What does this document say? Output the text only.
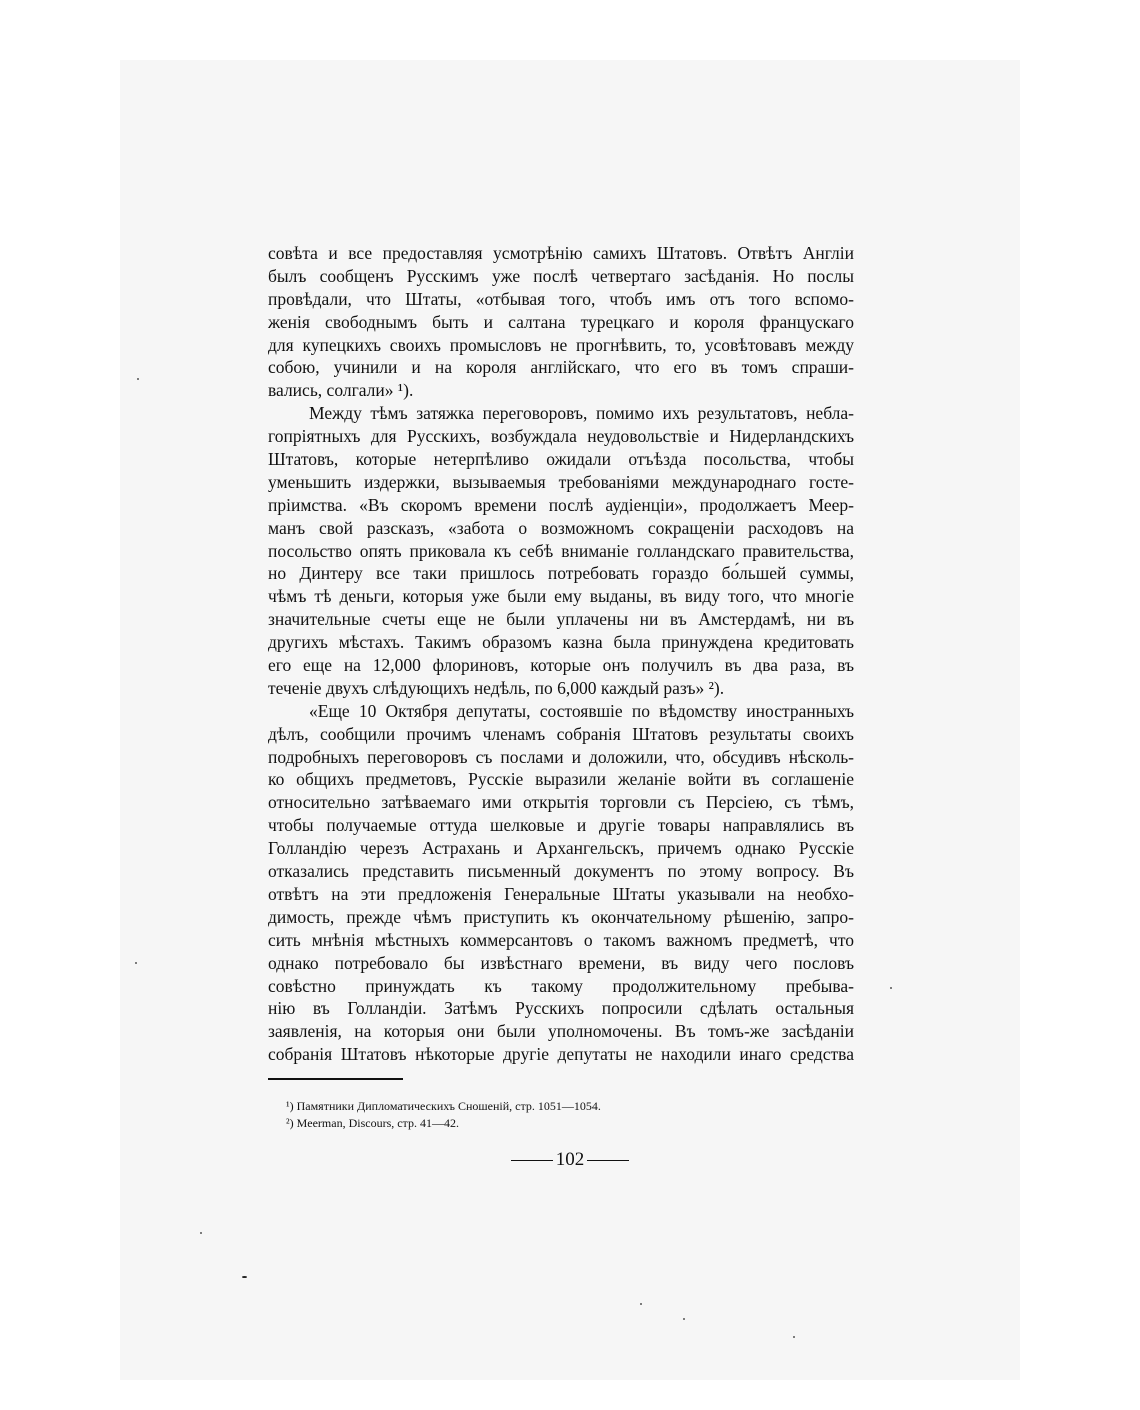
совѣта и все предоставляя усмотрѣнію самихъ Штатовъ. Отвѣтъ Англіи
былъ сообщенъ Русскимъ уже послѣ четвертаго засѣданія. Но послы
провѣдали, что Штаты, «отбывая того, чтобъ имъ отъ того вспомо-
женія свободнымъ быть и салтана турецкаго и короля францускаго
для купецкихъ своихъ промысловъ не прогнѣвить, то, усовѣтовавъ между
собою, учинили и на короля англійскаго, что его въ томъ спраши-
вались, солгали» ¹).
Между тѣмъ затяжка переговоровъ, помимо ихъ результатовъ, небла-
гопріятныхъ для Русскихъ, возбуждала неудовольствіе и Нидерландскихъ
Штатовъ, которые нетерпѣливо ожидали отъѣзда посольства, чтобы
уменьшить издержки, вызываемыя требованіями международнаго госте-
пріимства. «Въ скоромъ времени послѣ аудіенціи», продолжаетъ Меер-
манъ свой разсказъ, «забота о возможномъ сокращеніи расходовъ на
посольство опять приковала къ себѣ вниманіе голландскаго правительства,
но Динтеру все таки пришлось потребовать гораздо бо́льшей суммы,
чѣмъ тѣ деньги, которыя уже были ему выданы, въ виду того, что многіе
значительные счеты еще не были уплачены ни въ Амстердамѣ, ни въ
другихъ мѣстахъ. Такимъ образомъ казна была принуждена кредитовать
его еще на 12,000 флориновъ, которые онъ получилъ въ два раза, въ
теченіе двухъ слѣдующихъ недѣль, по 6,000 каждый разъ» ²).
«Еще 10 Октября депутаты, состоявшіе по вѣдомству иностранныхъ
дѣлъ, сообщили прочимъ членамъ собранія Штатовъ результаты своихъ
подробныхъ переговоровъ съ послами и доложили, что, обсудивъ нѣсколь-
ко общихъ предметовъ, Русскіе выразили желаніе войти въ соглашеніе
относительно затѣваемаго ими открытія торговли съ Персіею, съ тѣмъ,
чтобы получаемые оттуда шелковые и другіе товары направлялись въ
Голландію черезъ Астрахань и Архангельскъ, причемъ однако Русскіе
отказались представить письменный документъ по этому вопросу. Въ
отвѣтъ на эти предложенія Генеральные Штаты указывали на необхо-
димость, прежде чѣмъ приступить къ окончательному рѣшенію, запро-
сить мнѣнія мѣстныхъ коммерсантовъ о такомъ важномъ предметѣ, что
однако потребовало бы извѣстнаго времени, въ виду чего пословъ
совѣстно принуждать къ такому продолжительному пребыва-
нію въ Голландіи. Затѣмъ Русскихъ попросили сдѣлать остальныя
заявленія, на которыя они были уполномочены. Въ томъ-же засѣданіи
собранія Штатовъ нѣкоторые другіе депутаты не находили инаго средства
¹) Памятники Дипломатическихъ Сношеній, стр. 1051—1054.
²) Meerman, Discours, стр. 41—42.
102
